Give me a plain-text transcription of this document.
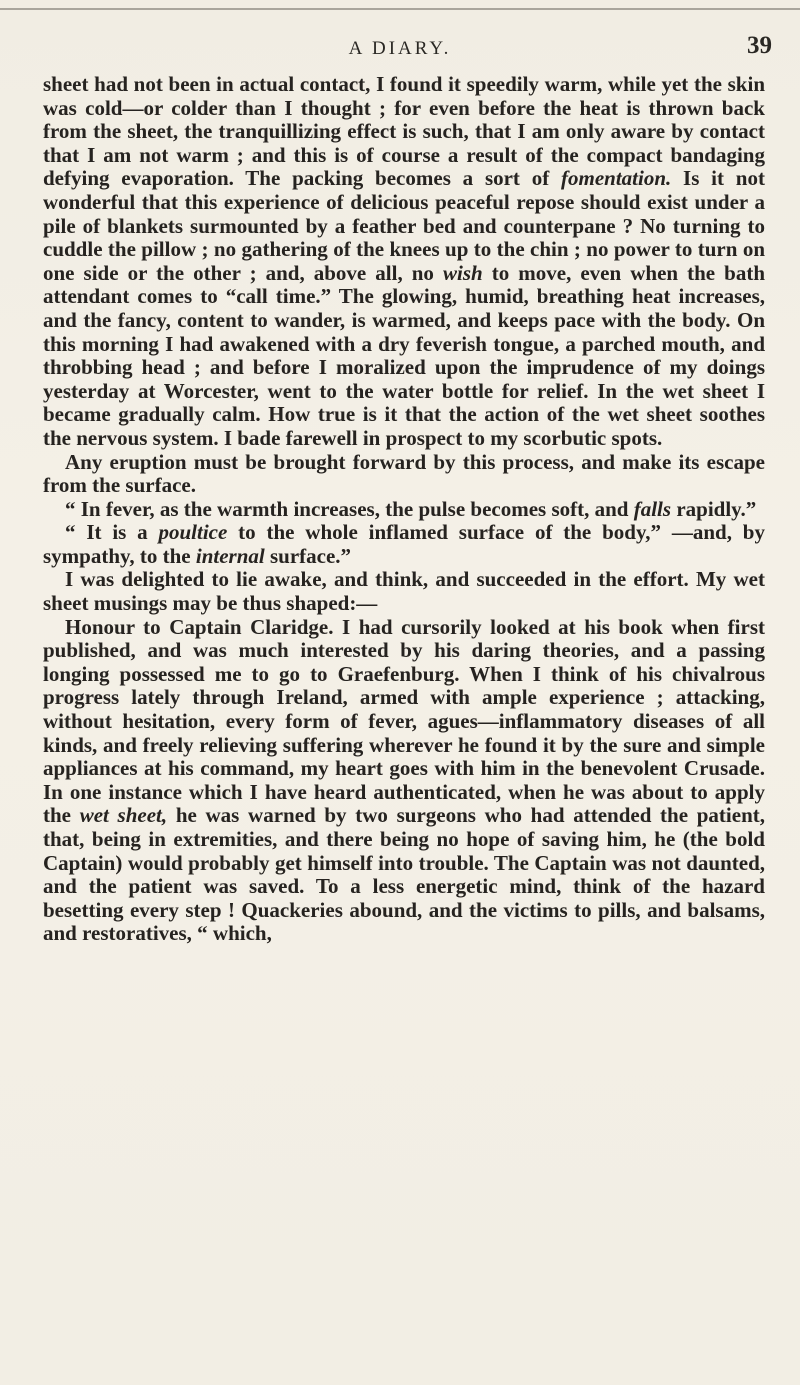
A DIARY.	39

sheet had not been in actual contact, I found it speedily warm, while yet the skin was cold—or colder than I thought ; for even before the heat is thrown back from the sheet, the tranquillizing effect is such, that I am only aware by contact that I am not warm ; and this is of course a result of the compact bandaging defying evaporation. The packing becomes a sort of fomentation. Is it not wonderful that this experience of delicious peaceful repose should exist under a pile of blankets surmounted by a feather bed and counterpane ? No turning to cuddle the pillow ; no gathering of the knees up to the chin ; no power to turn on one side or the other ; and, above all, no wish to move, even when the bath attendant comes to “call time.” The glowing, humid, breathing heat increases, and the fancy, content to wander, is warmed, and keeps pace with the body. On this morning I had awakened with a dry feverish tongue, a parched mouth, and throbbing head ; and before I moralized upon the imprudence of my doings yesterday at Worcester, went to the water bottle for relief. In the wet sheet I became gradually calm. How true is it that the action of the wet sheet soothes the nervous system. I bade farewell in prospect to my scorbutic spots.

Any eruption must be brought forward by this process, and make its escape from the surface.

“ In fever, as the warmth increases, the pulse becomes soft, and falls rapidly.”

“ It is a poultice to the whole inflamed surface of the body,” —and, by sympathy, to the internal surface.”

I was delighted to lie awake, and think, and succeeded in the effort. My wet sheet musings may be thus shaped:—

Honour to Captain Claridge. I had cursorily looked at his book when first published, and was much interested by his daring theories, and a passing longing possessed me to go to Graefenburg. When I think of his chivalrous progress lately through Ireland, armed with ample experience ; attacking, without hesitation, every form of fever, agues—inflammatory diseases of all kinds, and freely relieving suffering wherever he found it by the sure and simple appliances at his command, my heart goes with him in the benevolent Crusade. In one instance which I have heard authenticated, when he was about to apply the wet sheet, he was warned by two surgeons who had attended the patient, that, being in extremities, and there being no hope of saving him, he (the bold Captain) would probably get himself into trouble. The Captain was not daunted, and the patient was saved. To a less energetic mind, think of the hazard besetting every step ! Quackeries abound, and the victims to pills, and balsams, and restoratives, “ which,
